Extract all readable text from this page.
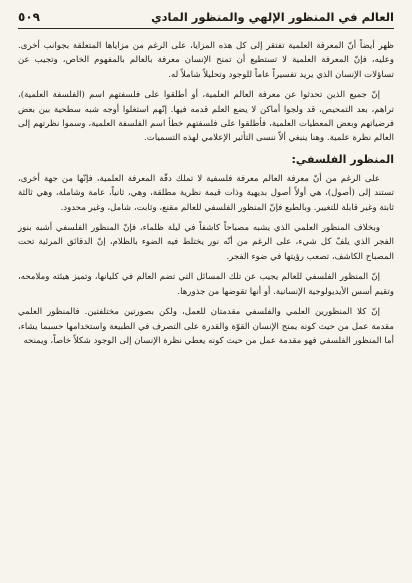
العالم في المنظور الإلهي والمنظور المادي
٥٠٩

ظهر أيضاً أنّ المعرفة العلمية تفتقر إلى كل هذه المزايا، على الرغم من مزاياها المتعلقة بجوانب أخرى. وعليه، فإنّ المعرفة العلمية لا تستطيع أن تمنح الإنسان معرفة بالعالم بالمفهوم الخاص، وتجيب عن تساؤلات الإنسان الذي يريد تفسيراً عاماً للوجود وتحليلاً شاملاً له.

إنّ جميع الذين تحدثوا عن معرفة العالم العلمية، أو أطلقوا على فلسفتهم اسم (الفلسفة العلمية)، تراهم، بعد التمحيص، قد ولجوا أماكن لا يضع العلم قدمه فيها. إنّهم استغلوا أوجه شبه سطحية بين بعض فرضياتهم وبعض المعطيات العلمية، فأطلقوا على فلسفتهم خطأ اسم الفلسفة العلمية، وسموا نظرتهم إلى العالم نظرة علمية. وهنا ينبغي ألاّ ننسى التأثير الإعلامي لهذه التسميات.

المنظور الفلسفي:

على الرغم من أنّ معرفة العالم معرفة فلسفية لا تملك دقّة المعرفة العلمية، فإنّها من جهة أخرى، تستند إلى (أصول)، هي أولاً أصول بديهية وذات قيمة نظرية مطلقة، وهي، ثانياً، عامة وشاملة، وهي ثالثة ثابتة وغير قابلة للتغيير. وبالطبع فإنّ المنظور الفلسفي للعالم مقنع، وثابت، شامل، وغير محدود.

وبخلاف المنظور العلمي الذي يشبه مصباحاً كاشفاً في ليلة ظلماء، فإنّ المنظور الفلسفي أشبه بنور الفجر الذي يلفّ كل شيء، على الرغم من أنّه نور يختلط فيه الضوء بالظلام، إنّ الدقائق المرئية تحت المصباح الكاشف، تصعب رؤيتها في ضوء الفجر.

إنّ المنظور الفلسفي للعالم يجيب عن تلك المسائل التي تضم العالم في كليانها، وتميز هيئته وملامحه، وتقيم أسس الأيديولوجية الإنسانية. أو أنها تقوضها من جذورها.

إنّ كلا المنظورين العلمي والفلسفي مقدمتان للعمل، ولكن بصورتين مختلفتين. فالمنظور العلمي مقدمة عمل من حيث كونه يمنح الإنسان القوّة والقدرة على التصرف في الطبيعة واستخدامها حسبما يشاء، أما المنظور الفلسفي فهو مقدمة عمل من حيث كونه يعطي نظرة الإنسان إلى الوجود شكلاً خاصاً، ويمنحه
